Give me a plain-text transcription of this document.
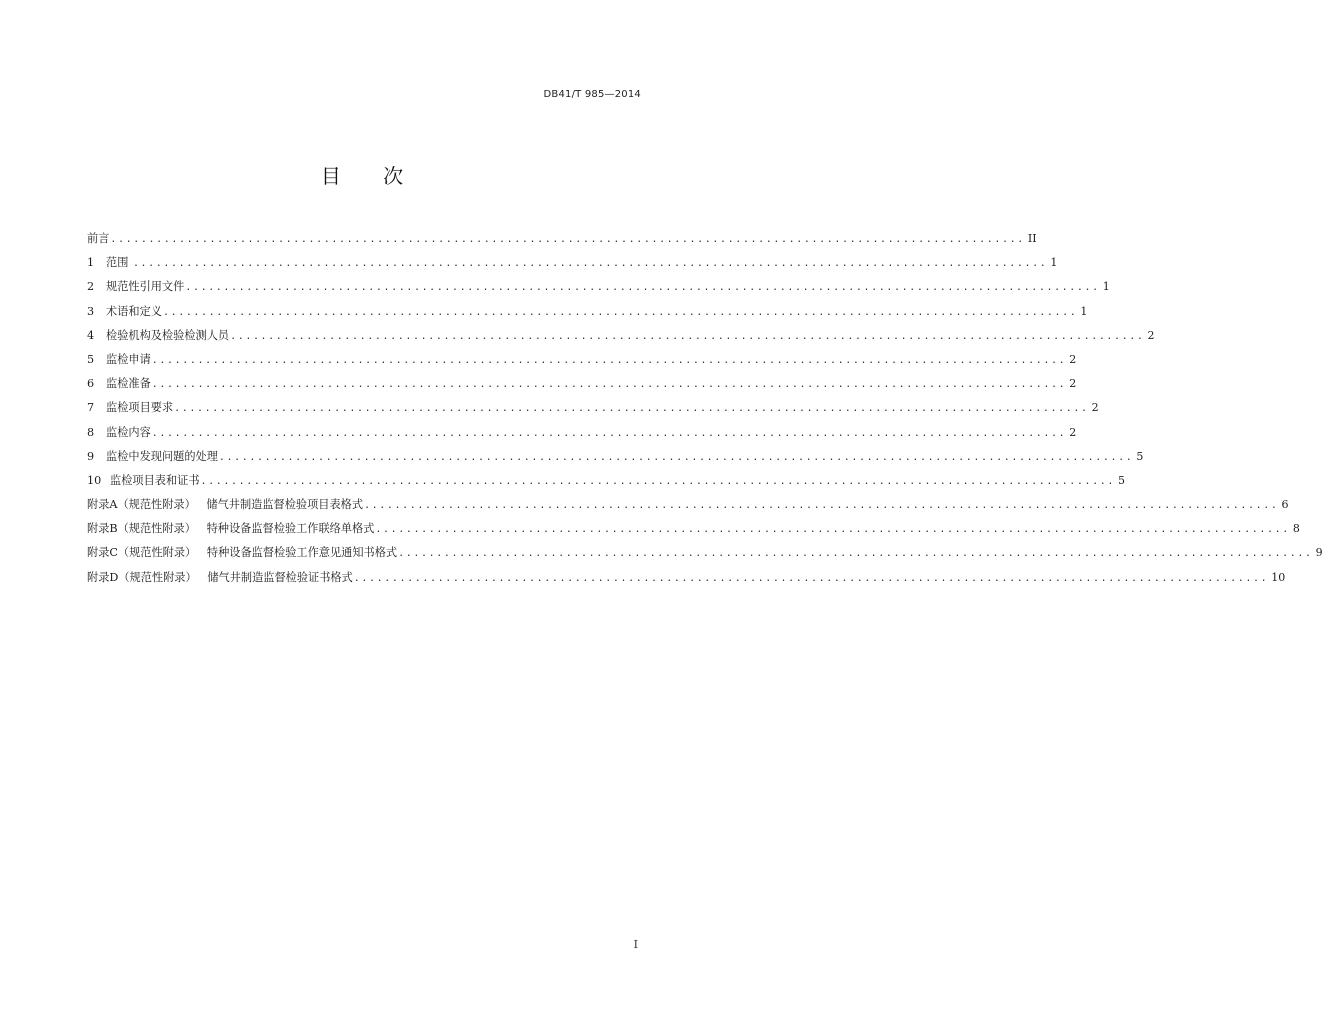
DB41/T 985—2014
目 次
前言 ........................................................................................................................ II
1	范围 ........................................................................................................................ 1
2	规范性引用文件 ........................................................................................................................ 1
3	术语和定义 ........................................................................................................................ 1
4	检验机构及检验检测人员 ........................................................................................................................ 2
5	监检申请 ........................................................................................................................ 2
6	监检准备 ........................................................................................................................ 2
7	监检项目要求 ........................................................................................................................ 2
8	监检内容 ........................................................................................................................ 2
9	监检中发现问题的处理 ........................................................................................................................ 5
10 监检项目表和证书 ........................................................................................................................ 5
附录A（规范性附录）   储气井制造监督检验项目表格式 ........................................................................................................................ 6
附录B（规范性附录）   特种设备监督检验工作联络单格式 ........................................................................................................................ 8
附录C（规范性附录）   特种设备监督检验工作意见通知书格式 ........................................................................................................................ 9
附录D（规范性附录）   储气井制造监督检验证书格式 ........................................................................................................................ 10
I
